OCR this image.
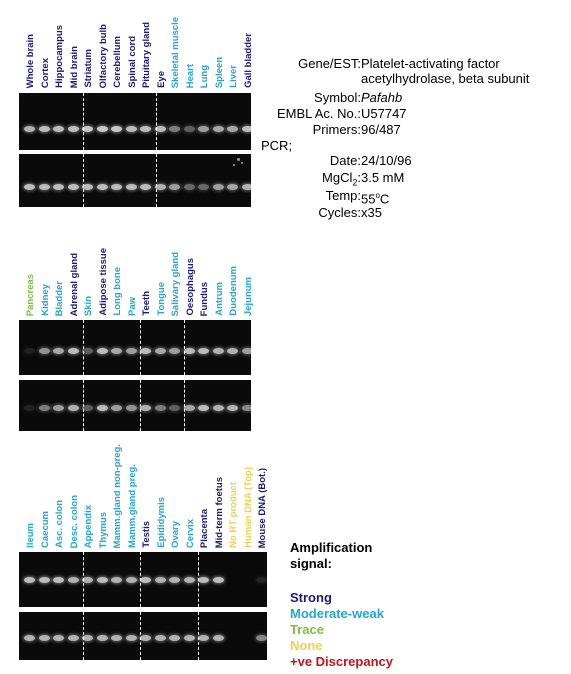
Whole brain Cortex Hippocampus Mid brain Striatum Olfactory bulb Cerebellum Spinal cord Pituitary gland Eye Skeletal muscle Heart Lung Spleen Liver Gall bladder
Pancreas Kidney Bladder Adrenal gland Skin Adipose tissue Long bone Paw Teeth Tongue Salivary gland Oesophagus Fundus Antrum Duodenum Jejunum
Ileum Caecum Asc. colon Desc. colon Appendix Thymus Mamm.gland non-preg. Mamm.gland preg. Testis Epididymis Ovary Cervix Placenta Mid-term foetus No RT product Human DNA (Top) Mouse DNA (Bot.)
Gene/EST: Platelet-activating factor
acetylhydrolase, beta subunit
Symbol: Pafahb
EMBL Ac. No.: U57747
Primers: 96/487
PCR;
Date: 24/10/96
MgCl$_2$: 3.5 mM
Temp: 55$^o$C
Cycles: x35
Amplification
signal:
Strong
Moderate-weak
Trace
None
+ve Discrepancy
